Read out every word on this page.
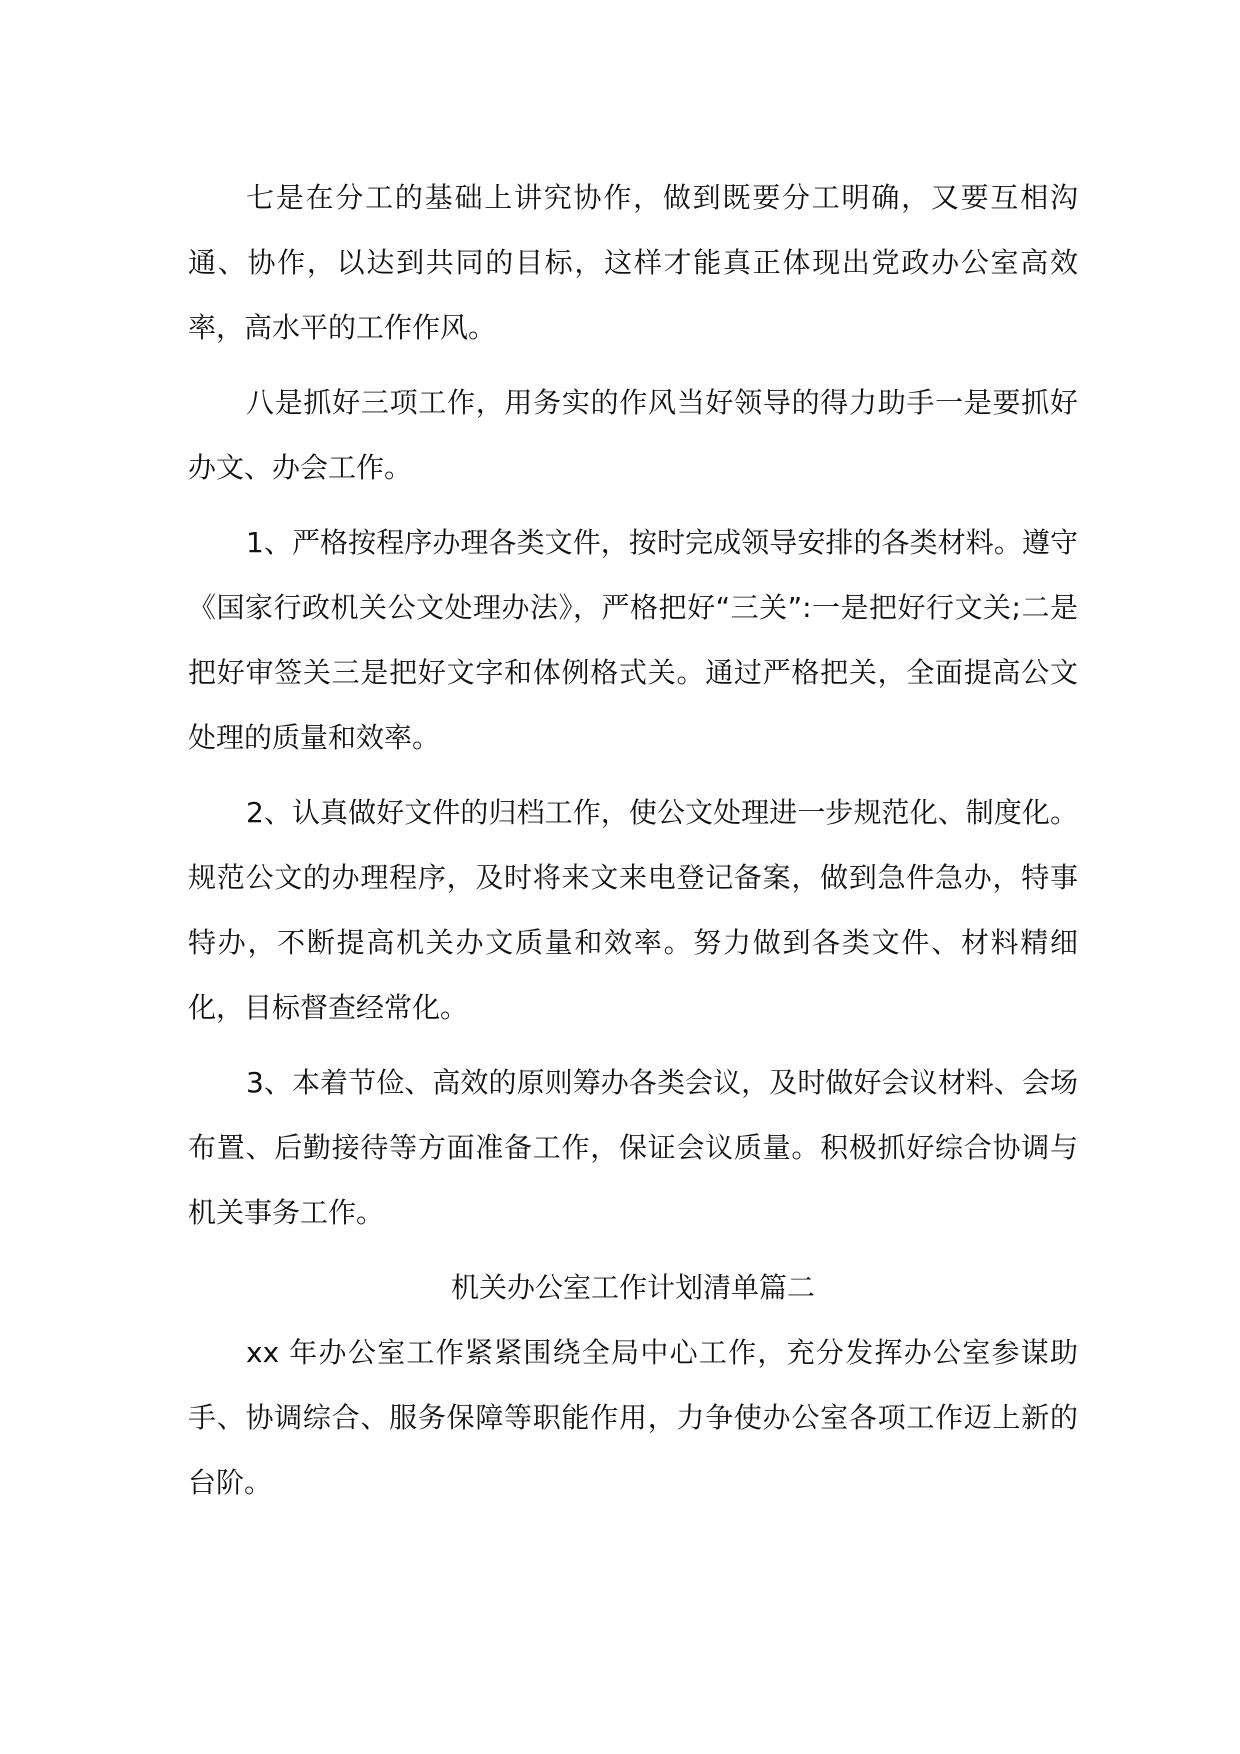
七是在分工的基础上讲究协作，做到既要分工明确，又要互相沟通、协作，以达到共同的目标，这样才能真正体现出党政办公室高效率，高水平的工作作风。

八是抓好三项工作，用务实的作风当好领导的得力助手一是要抓好办文、办会工作。

1、严格按程序办理各类文件，按时完成领导安排的各类材料。遵守《国家行政机关公文处理办法》，严格把好“三关”:一是把好行文关;二是把好审签关三是把好文字和体例格式关。通过严格把关，全面提高公文处理的质量和效率。

2、认真做好文件的归档工作，使公文处理进一步规范化、制度化。规范公文的办理程序，及时将来文来电登记备案，做到急件急办，特事特办，不断提高机关办文质量和效率。努力做到各类文件、材料精细化，目标督查经常化。

3、本着节俭、高效的原则筹办各类会议，及时做好会议材料、会场布置、后勤接待等方面准备工作，保证会议质量。积极抓好综合协调与机关事务工作。

机关办公室工作计划清单篇二

xx 年办公室工作紧紧围绕全局中心工作，充分发挥办公室参谋助手、协调综合、服务保障等职能作用，力争使办公室各项工作迈上新的台阶。
